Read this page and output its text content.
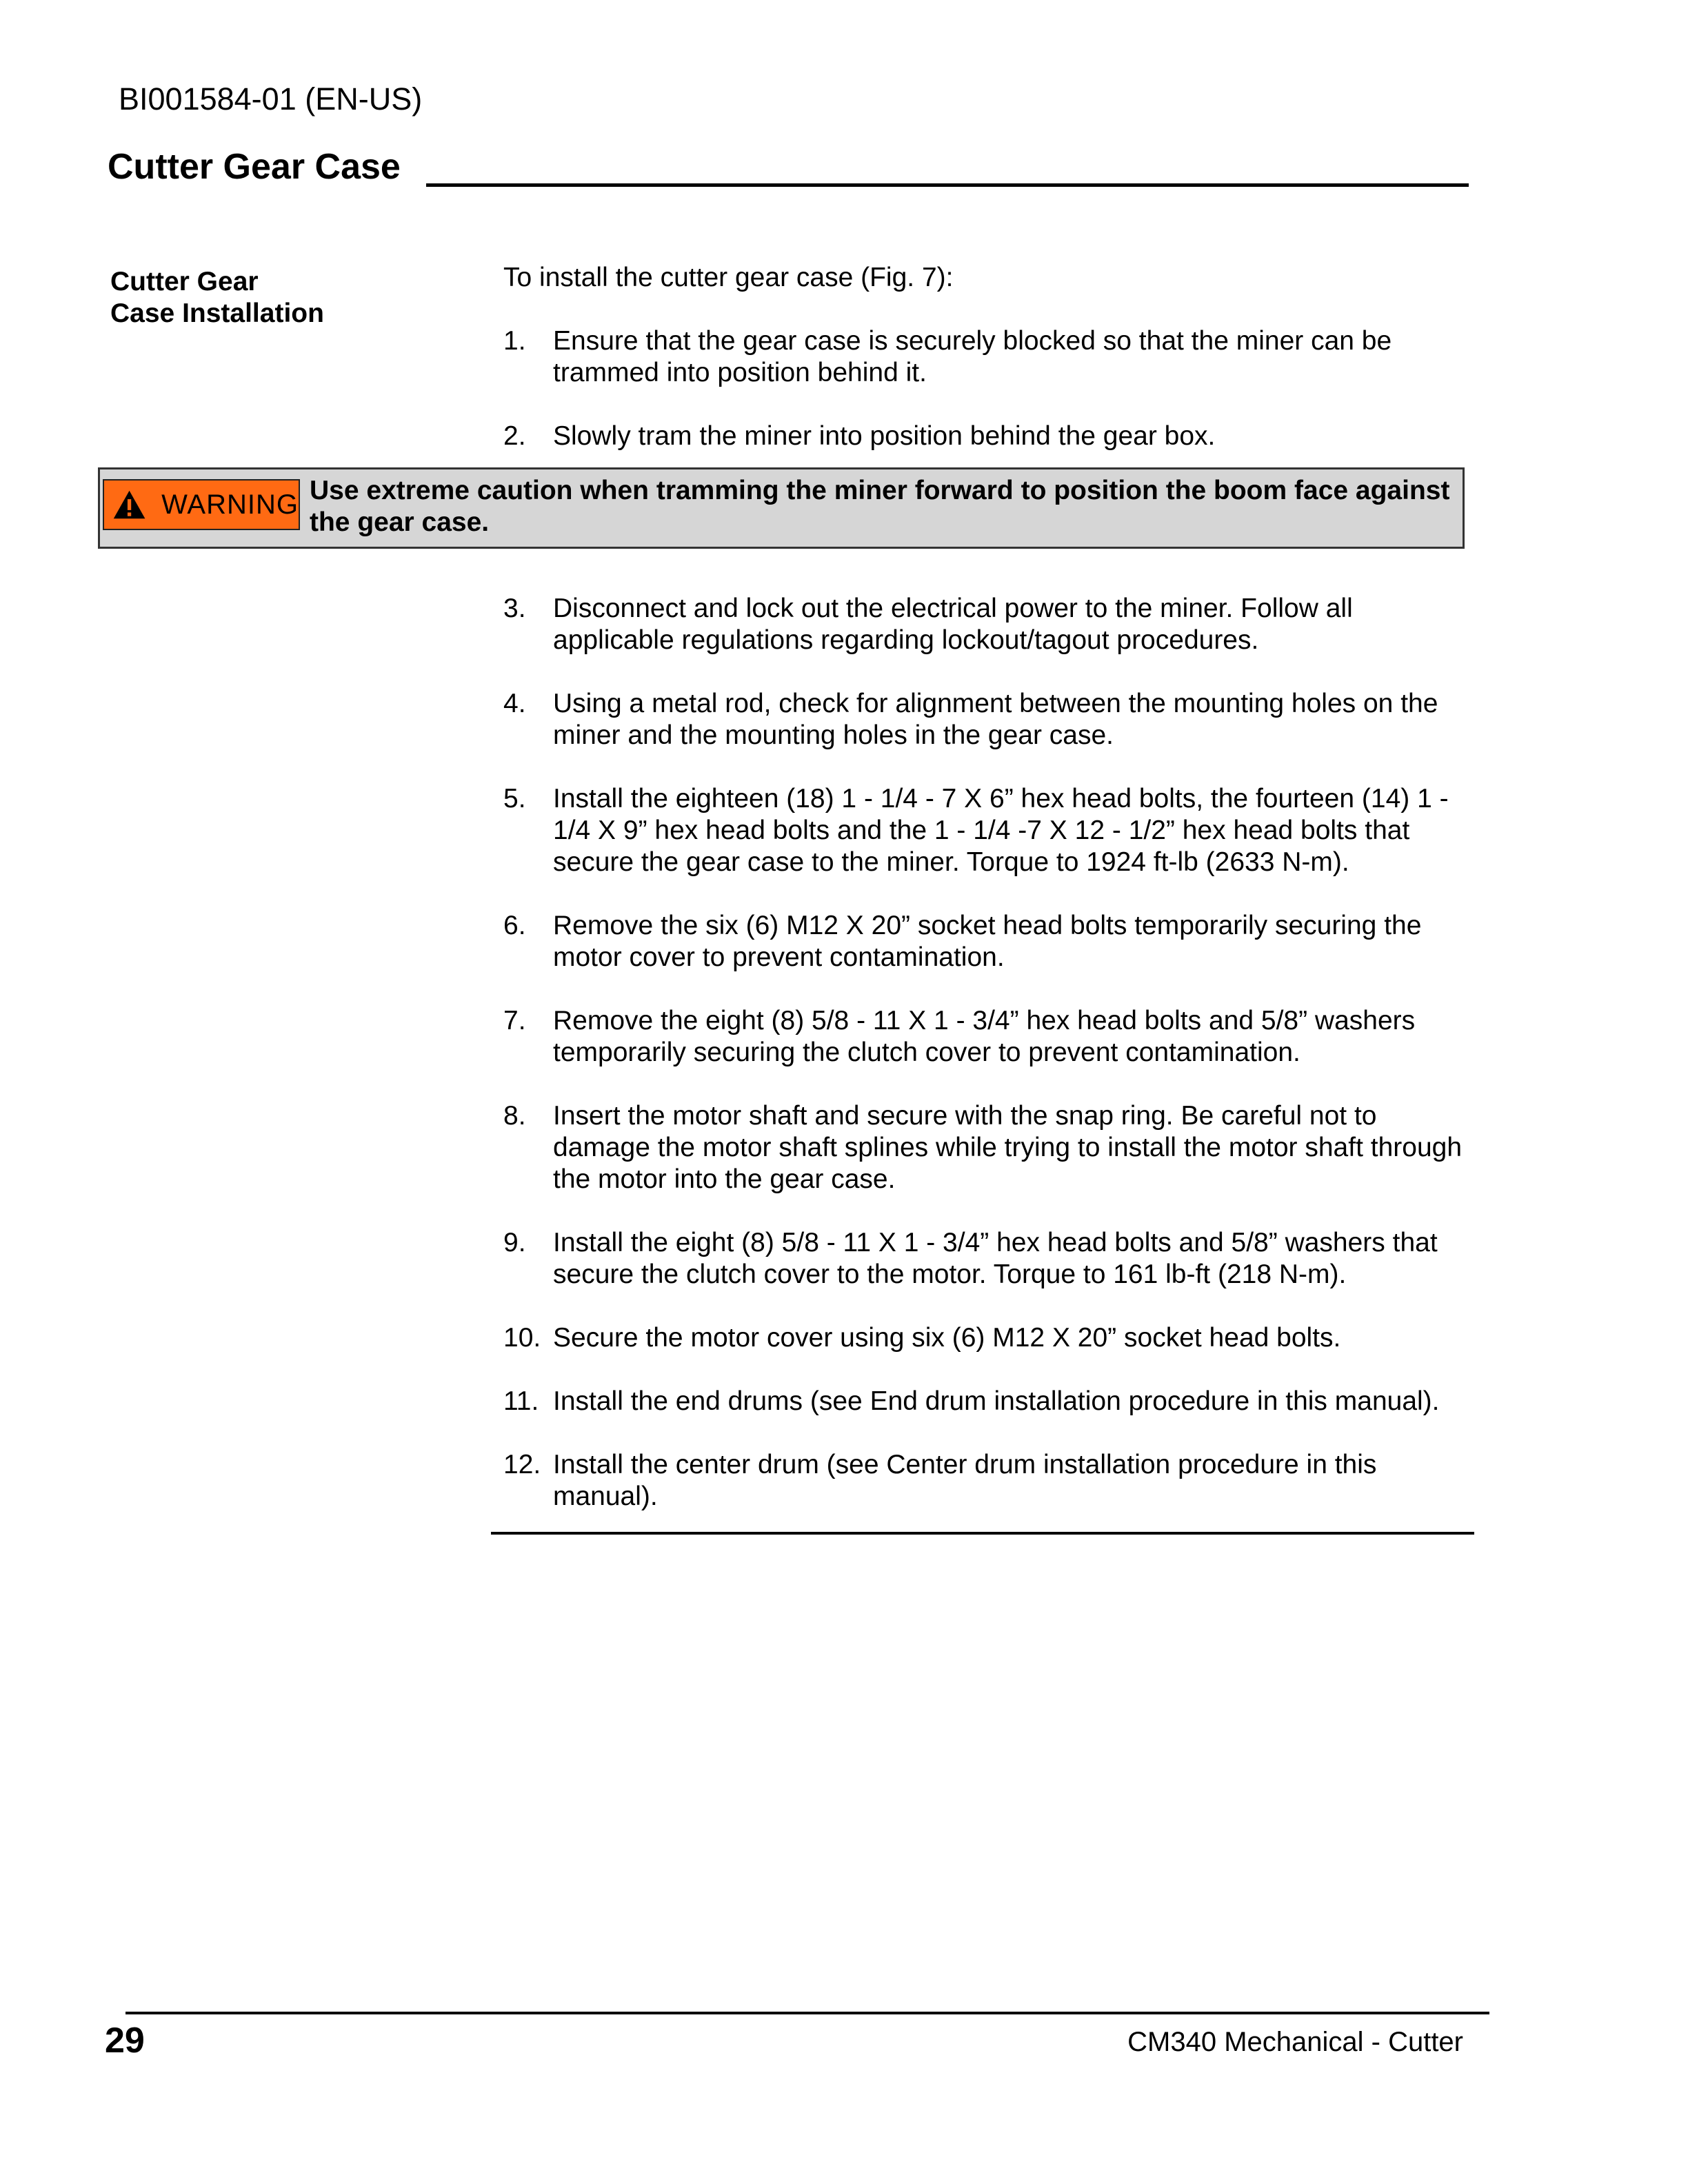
BI001584-01 (EN-US)
Cutter Gear Case
Cutter Gear
Case Installation
To install the cutter gear case (Fig. 7):
1. Ensure that the gear case is securely blocked so that the miner can be trammed into position behind it.
2. Slowly tram the miner into position behind the gear box.
WARNING Use extreme caution when tramming the miner forward to position the boom face against the gear case.
3. Disconnect and lock out the electrical power to the miner. Follow all applicable regulations regarding lockout/tagout procedures.
4. Using a metal rod, check for alignment between the mounting holes on the miner and the mounting holes in the gear case.
5. Install the eighteen (18) 1 - 1/4 - 7 X 6” hex head bolts, the fourteen (14) 1 - 1/4 X 9” hex head bolts and the 1 - 1/4 -7 X 12 - 1/2” hex head bolts that secure the gear case to the miner. Torque to 1924 ft-lb (2633 N-m).
6. Remove the six (6) M12 X 20” socket head bolts temporarily securing the motor cover to prevent contamination.
7. Remove the eight (8) 5/8 - 11 X 1 - 3/4” hex head bolts and 5/8” washers temporarily securing the clutch cover to prevent contamination.
8. Insert the motor shaft and secure with the snap ring. Be careful not to damage the motor shaft splines while trying to install the motor shaft through the motor into the gear case.
9. Install the eight (8) 5/8 - 11 X 1 - 3/4” hex head bolts and 5/8” washers that secure the clutch cover to the motor. Torque to 161 lb-ft (218 N-m).
10. Secure the motor cover using six (6) M12 X 20” socket head bolts.
11. Install the end drums (see End drum installation procedure in this manual).
12. Install the center drum (see Center drum installation procedure in this manual).
29	CM340 Mechanical - Cutter
